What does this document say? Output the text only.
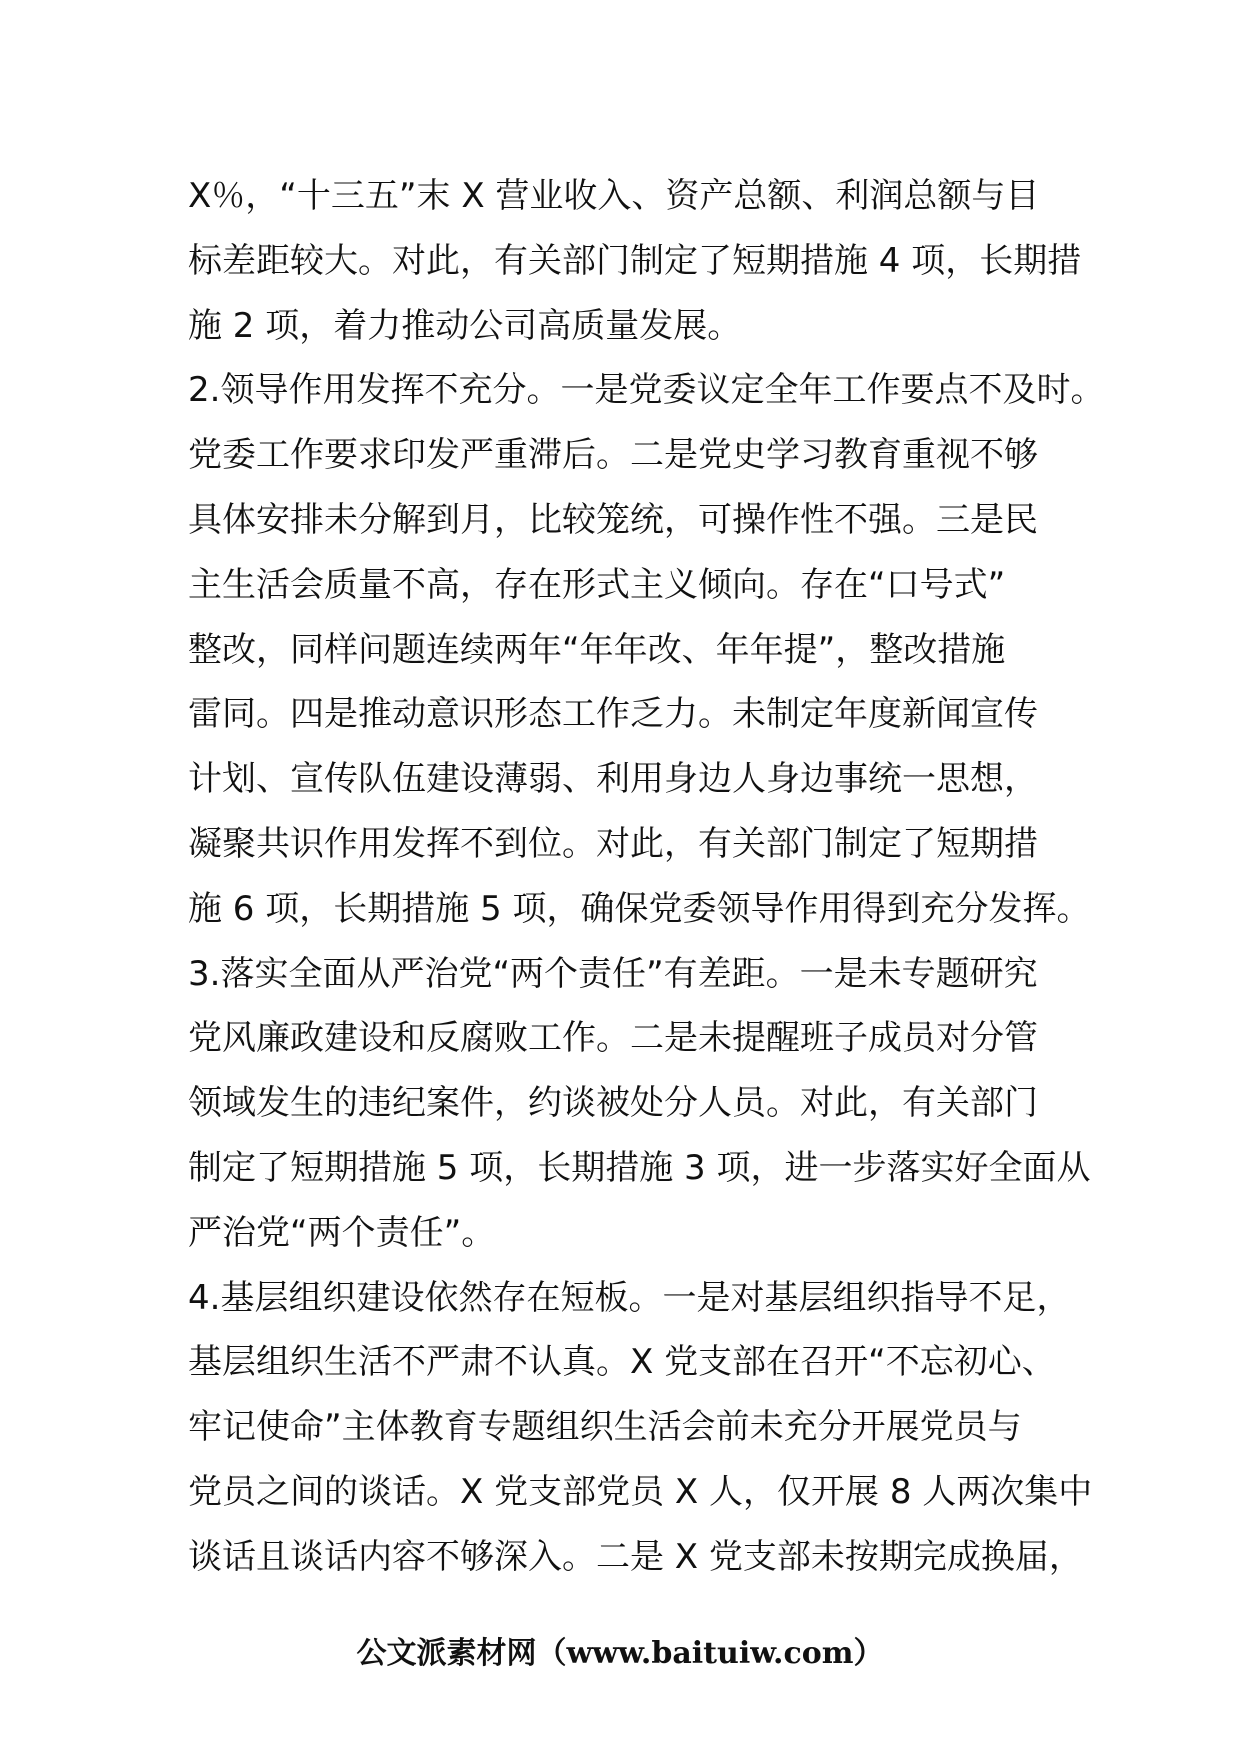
X％，“十三五”末 X 营业收入、资产总额、利润总额与目
标差距较大。对此，有关部门制定了短期措施 4 项，长期措
施 2 项，着力推动公司高质量发展。
2.领导作用发挥不充分。一是党委议定全年工作要点不及时。
党委工作要求印发严重滞后。二是党史学习教育重视不够
具体安排未分解到月，比较笼统，可操作性不强。三是民
主生活会质量不高，存在形式主义倾向。存在“口号式”
整改，同样问题连续两年“年年改、年年提”，整改措施
雷同。四是推动意识形态工作乏力。未制定年度新闻宣传
计划、宣传队伍建设薄弱、利用身边人身边事统一思想，
凝聚共识作用发挥不到位。对此，有关部门制定了短期措
施 6 项，长期措施 5 项，确保党委领导作用得到充分发挥。
3.落实全面从严治党“两个责任”有差距。一是未专题研究
党风廉政建设和反腐败工作。二是未提醒班子成员对分管
领域发生的违纪案件，约谈被处分人员。对此，有关部门
制定了短期措施 5 项，长期措施 3 项，进一步落实好全面从
严治党“两个责任”。
4.基层组织建设依然存在短板。一是对基层组织指导不足，
基层组织生活不严肃不认真。X 党支部在召开“不忘初心、
牢记使命”主体教育专题组织生活会前未充分开展党员与
党员之间的谈话。X 党支部党员 X 人，仅开展 8 人两次集中
谈话且谈话内容不够深入。二是 X 党支部未按期完成换届，
公文派素材网（www.baituiw.com）
